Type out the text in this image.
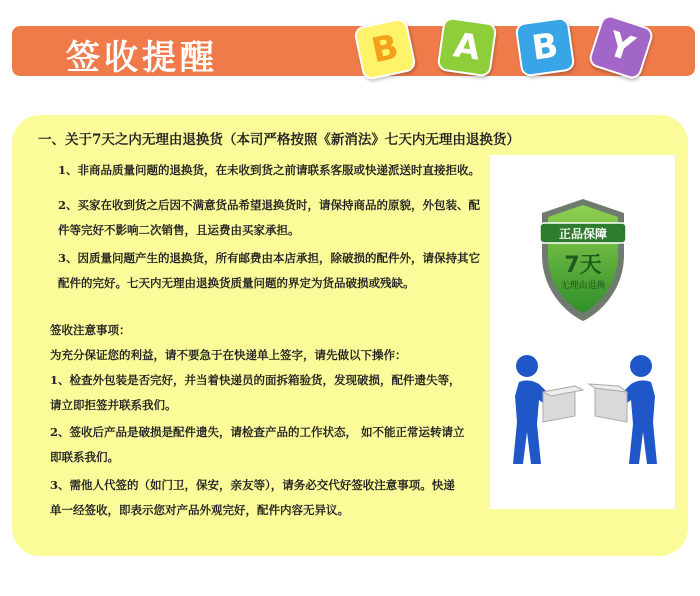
签收提醒	B A B Y
一、关于7天之内无理由退换货（本司严格按照《新消法》七天内无理由退换货）

1、非商品质量问题的退换货，在未收到货之前请联系客服或快递派送时直接拒收。

2、买家在收到货之后因不满意货品希望退换货时，请保持商品的原貌，外包装、配

件等完好不影响二次销售，且运费由买家承担。

3、因质量问题产生的退换货，所有邮费由本店承担，除破损的配件外，请保持其它

配件的完好。七天内无理由退换货质量问题的界定为货品破损或残缺。

正品保障
7天
无理由退换

签收注意事项：

为充分保证您的利益，请不要急于在快递单上签字，请先做以下操作：

1、检查外包装是否完好，并当着快递员的面拆箱验货，发现破损，配件遗失等，

请立即拒签并联系我们。

2、签收后产品是破损是配件遗失，请检查产品的工作状态， 如不能正常运转请立

即联系我们。

3、需他人代签的（如门卫，保安，亲友等），请务必交代好签收注意事项。快递

单一经签收，即表示您对产品外观完好，配件内容无异议。
